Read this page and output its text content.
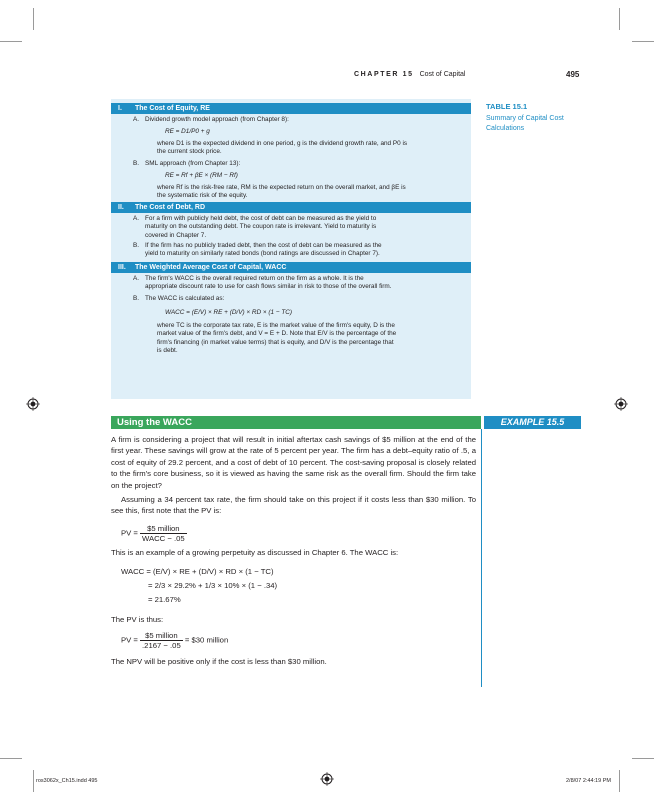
CHAPTER 15 Cost of Capital	495
TABLE 15.1
Summary of Capital Cost Calculations
I. The Cost of Equity, RE
A. Dividend growth model approach (from Chapter 8):
RE = D1/P0 + g
where D1 is the expected dividend in one period, g is the dividend growth rate, and P0 is
the current stock price.
B. SML approach (from Chapter 13):
RE = Rf + βE × (RM − Rf)
where Rf is the risk-free rate, RM is the expected return on the overall market, and βE is
the systematic risk of the equity.
II. The Cost of Debt, RD
A. For a firm with publicly held debt, the cost of debt can be measured as the yield to
maturity on the outstanding debt. The coupon rate is irrelevant. Yield to maturity is
covered in Chapter 7.
B. If the firm has no publicly traded debt, then the cost of debt can be measured as the
yield to maturity on similarly rated bonds (bond ratings are discussed in Chapter 7).
III. The Weighted Average Cost of Capital, WACC
A. The firm's WACC is the overall required return on the firm as a whole. It is the
appropriate discount rate to use for cash flows similar in risk to those of the overall firm.
B. The WACC is calculated as:
WACC = (E/V) × RE + (D/V) × RD × (1 − TC)
where TC is the corporate tax rate, E is the market value of the firm's equity, D is the
market value of the firm's debt, and V = E + D. Note that E/V is the percentage of the
firm's financing (in market value terms) that is equity, and D/V is the percentage that
is debt.
Using the WACC	EXAMPLE 15.5
A firm is considering a project that will result in initial aftertax cash savings of $5 million at the end of the first year. These savings will grow at the rate of 5 percent per year. The firm has a debt–equity ratio of .5, a cost of equity of 29.2 percent, and a cost of debt of 10 percent. The cost-saving proposal is closely related to the firm's core business, so it is viewed as having the same risk as the overall firm. Should the firm take on the project?
Assuming a 34 percent tax rate, the firm should take on this project if it costs less than $30 million. To see this, first note that the PV is:
PV = $\frac{\text{\$5 million}}{\text{WACC − .05}}$
This is an example of a growing perpetuity as discussed in Chapter 6. The WACC is:
WACC = (E/V) × RE + (D/V) × RD × (1 − TC)
= 2/3 × 29.2% + 1/3 × 10% × (1 − .34)
= 21.67%
The PV is thus:
PV = $\frac{\text{\$5 million}}{.2167 - .05}$ = $30 million
The NPV will be positive only if the cost is less than $30 million.
ros3062x_Ch15.indd 495	2/8/07 2:44:19 PM
